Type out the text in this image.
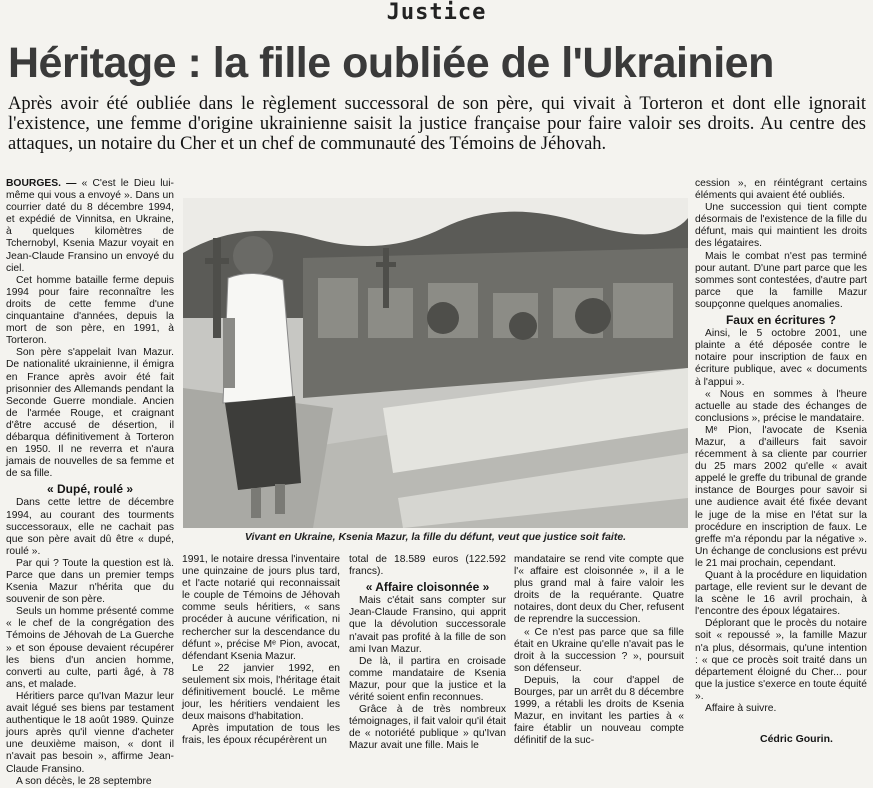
Justice
Héritage : la fille oubliée de l'Ukrainien

Après avoir été oubliée dans le règlement successoral de son père, qui vivait à Torteron et dont elle ignorait l'existence, une femme d'origine ukrainienne saisit la justice française pour faire valoir ses droits. Au centre des attaques, un notaire du Cher et un chef de communauté des Témoins de Jéhovah.

BOURGES. — « C'est le Dieu lui-même qui vous a envoyé ». Dans un courrier daté du 8 décembre 1994, et expédié de Vinnitsa, en Ukraine, à quelques kilomètres de Tchernobyl, Ksenia Mazur voyait en Jean-Claude Fransino un envoyé du ciel.

Cet homme bataille ferme depuis 1994 pour faire reconnaître les droits de cette femme d'une cinquantaine d'années, depuis la mort de son père, en 1991, à Torteron.

Son père s'appelait Ivan Mazur. De nationalité ukrainienne, il émigra en France après avoir été fait prisonnier des Allemands pendant la Seconde Guerre mondiale. Ancien de l'armée Rouge, et craignant d'être accusé de désertion, il débarqua définitivement à Torteron en 1950. Il ne reverra et n'aura jamais de nouvelles de sa femme et de sa fille.

« Dupé, roulé »

Dans cette lettre de décembre 1994, au courant des tourments successoraux, elle ne cachait pas que son père avait dû être « dupé, roulé ».

Par qui ? Toute la question est là. Parce que dans un premier temps Ksenia Mazur n'hérita que du souvenir de son père.

Seuls un homme présenté comme « le chef de la congrégation des Témoins de Jéhovah de La Guerche » et son épouse devaient récupérer les biens d'un ancien homme, converti au culte, parti âgé, à 78 ans, et malade.

Héritiers parce qu'Ivan Mazur leur avait légué ses biens par testament authentique le 18 août 1989. Quinze jours après qu'il vienne d'acheter une deuxième maison, « dont il n'avait pas besoin », affirme Jean-Claude Fransino.

A son décès, le 28 septembre

Vivant en Ukraine, Ksenia Mazur, la fille du défunt, veut que justice soit faite.

1991, le notaire dressa l'inventaire une quinzaine de jours plus tard, et l'acte notarié qui reconnaissait le couple de Témoins de Jéhovah comme seuls héritiers, « sans procéder à aucune vérification, ni rechercher sur la descendance du défunt », précise Mᵉ Pion, avocat, défendant Ksenia Mazur.

Le 22 janvier 1992, en seulement six mois, l'héritage était définitivement bouclé. Le même jour, les héritiers vendaient les deux maisons d'habitation.

Après imputation de tous les frais, les époux récupérèrent un

total de 18.589 euros (122.592 francs).

« Affaire cloisonnée »

Mais c'était sans compter sur Jean-Claude Fransino, qui apprit que la dévolution successorale n'avait pas profité à la fille de son ami Ivan Mazur.

De là, il partira en croisade comme mandataire de Ksenia Mazur, pour que la justice et la vérité soient enfin reconnues.

Grâce à de très nombreux témoignages, il fait valoir qu'il était de « notoriété publique » qu'Ivan Mazur avait une fille. Mais le

mandataire se rend vite compte que l'« affaire est cloisonnée », il a le plus grand mal à faire valoir les droits de la requérante. Quatre notaires, dont deux du Cher, refusent de reprendre la succession.

« Ce n'est pas parce que sa fille était en Ukraine qu'elle n'avait pas le droit à la succession ? », poursuit son défenseur.

Depuis, la cour d'appel de Bourges, par un arrêt du 8 décembre 1999, a rétabli les droits de Ksenia Mazur, en invitant les parties à « faire établir un nouveau compte définitif de la suc-

cession », en réintégrant certains éléments qui avaient été oubliés.

Une succession qui tient compte désormais de l'existence de la fille du défunt, mais qui maintient les droits des légataires.

Mais le combat n'est pas terminé pour autant. D'une part parce que les sommes sont contestées, d'autre part parce que la famille Mazur soupçonne quelques anomalies.

Faux en écritures ?

Ainsi, le 5 octobre 2001, une plainte a été déposée contre le notaire pour inscription de faux en écriture publique, avec « documents à l'appui ».

« Nous en sommes à l'heure actuelle au stade des échanges de conclusions », précise le mandataire.

Mᵉ Pion, l'avocate de Ksenia Mazur, a d'ailleurs fait savoir récemment à sa cliente par courrier du 25 mars 2002 qu'elle « avait appelé le greffe du tribunal de grande instance de Bourges pour savoir si une audience avait été fixée devant le juge de la mise en l'état sur la procédure en inscription de faux. Le greffe m'a répondu par la négative ». Un échange de conclusions est prévu le 21 mai prochain, cependant.

Quant à la procédure en liquidation partage, elle revient sur le devant de la scène le 16 avril prochain, à l'encontre des époux légataires.

Déplorant que le procès du notaire soit « repoussé », la famille Mazur n'a plus, désormais, qu'une intention : « que ce procès soit traité dans un département éloigné du Cher... pour que la justice s'exerce en toute équité ».

Affaire à suivre.

Cédric Gourin.
